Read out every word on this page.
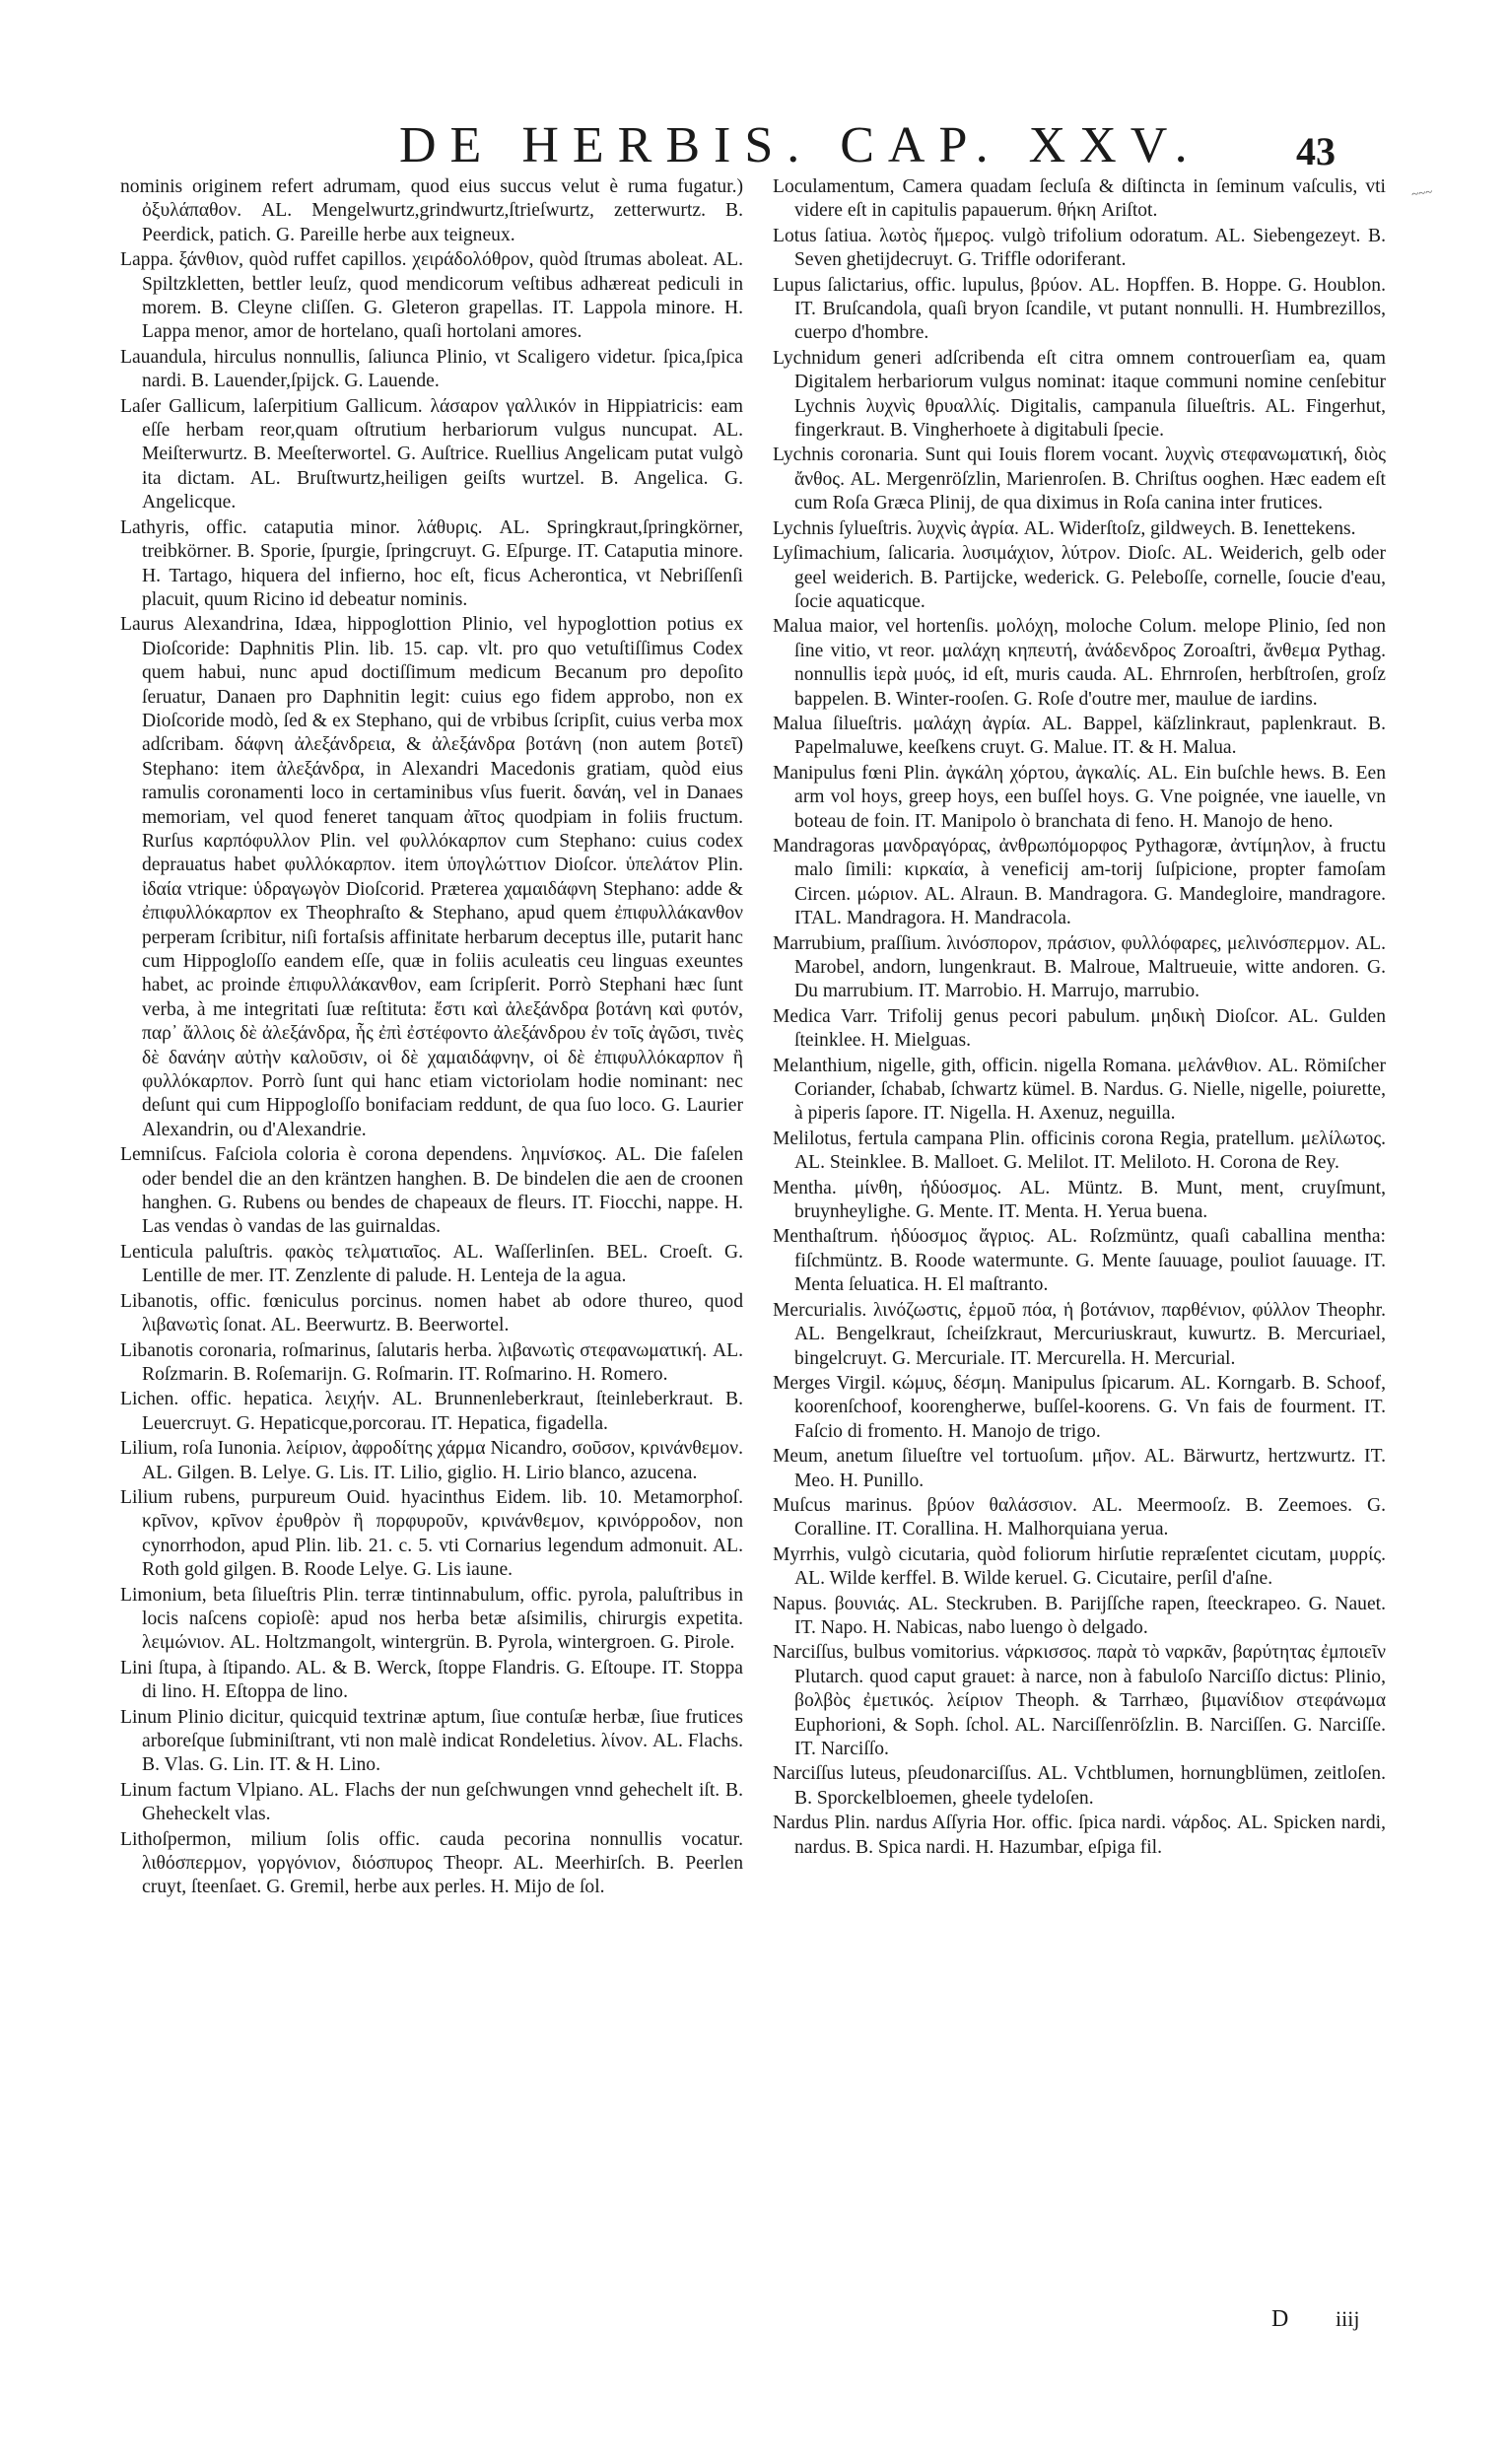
DE HERBIS. CAP. XXV.	43
~~~

nominis originem refert adrumam, quod eius succus velut è ruma fugatur.) ὀξυλάπαθον. AL. Mengelwurtz,grindwurtz,ſtrieſwurtz, zetterwurtz. B. Peerdick, patich. G. Pareille herbe aux teigneux.

Lappa. ξάνθιον, quòd ruffet capillos. χειράδολόθρον, quòd ſtrumas aboleat. AL. Spiltzkletten, bettler leuſz, quod mendicorum veſtibus adhæreat pediculi in morem. B. Cleyne cliſſen. G. Gleteron grapellas. IT. Lappola minore. H. Lappa menor, amor de hortelano, quaſi hortolani amores.

Lauandula, hirculus nonnullis, ſaliunca Plinio, vt Scaligero videtur. ſpica,ſpica nardi. B. Lauender,ſpijck. G. Lauende.

Laſer Gallicum, laſerpitium Gallicum. λάσαρον γαλλικόν in Hippiatricis: eam eſſe herbam reor,quam oſtrutium herbariorum vulgus nuncupat. AL. Meiſterwurtz. B. Meeſterwortel. G. Auſtrice. Ruellius Angelicam putat vulgò ita dictam. AL. Bruſtwurtz,heiligen geiſts wurtzel. B. Angelica. G. Angelicque.

Lathyris, offic. cataputia minor. λάθυρις. AL. Springkraut,ſpringkörner, treibkörner. B. Sporie, ſpurgie, ſpringcruyt. G. Eſpurge. IT. Cataputia minore. H. Tartago, hiquera del infierno, hoc eſt, ficus Acherontica, vt Nebriſſenſi placuit, quum Ricino id debeatur nominis.

Laurus Alexandrina, Idæa, hippoglottion Plinio, vel hypoglottion potius ex Dioſcoride: Daphnitis Plin. lib. 15. cap. vlt. pro quo vetuſtiſſimus Codex quem habui, nunc apud doctiſſimum medicum Becanum pro depoſito ſeruatur, Danaen pro Daphnitin legit: cuius ego fidem approbo, non ex Dioſcoride modò, ſed & ex Stephano, qui de vrbibus ſcripſit, cuius verba mox adſcribam. δάφνη ἀλεξάνδρεια, & ἀλεξάνδρα βοτάνη (non autem βοτεῖ) Stephano: item ἀλεξάνδρα, in Alexandri Macedonis gratiam, quòd eius ramulis coronamenti loco in certaminibus vſus fuerit. δανάη, vel in Danaes memoriam, vel quod feneret tanquam ἀῖτος quodpiam in foliis fructum. Rurſus καρπόφυλλον Plin. vel φυλλόκαρπον cum Stephano: cuius codex deprauatus habet φυλλόκαρπον. item ὑπογλώττιον Dioſcor. ὑπελάτον Plin. ἰδαία vtrique: ὑδραγωγὸν Dioſcorid. Præterea χαμαιδάφνη Stephano: adde & ἐπιφυλλόκαρπον ex Theophraſto & Stephano, apud quem ἐπιφυλλάκανθον perperam ſcribitur, niſi fortaſsis affinitate herbarum deceptus ille, putarit hanc cum Hippogloſſo eandem eſſe, quæ in foliis aculeatis ceu linguas exeuntes habet, ac proinde ἐπιφυλλάκανθον, eam ſcripſerit. Porrò Stephani hæc ſunt verba, à me integritati ſuæ reſtituta: ἔστι καὶ ἀλεξάνδρα βοτάνη καὶ φυτόν, παρ᾿ ἄλλοις δὲ ἀλεξάνδρα, ἧς ἐπὶ ἐστέφοντο ἀλεξάνδρου ἐν τοῖς ἀγῶσι, τινὲς δὲ δανάην αὐτὴν καλοῦσιν, οἱ δὲ χαμαιδάφνην, οἱ δὲ ἐπιφυλλόκαρπον ἢ φυλλόκαρπον. Porrò ſunt qui hanc etiam victoriolam hodie nominant: nec deſunt qui cum Hippogloſſo bonifaciam reddunt, de qua ſuo loco. G. Laurier Alexandrin, ou d'Alexandrie.

Lemniſcus. Faſciola coloria è corona dependens. λημνίσκος. AL. Die faſelen oder bendel die an den kräntzen hanghen. B. De bindelen die aen de croonen hanghen. G. Rubens ou bendes de chapeaux de fleurs. IT. Fiocchi, nappe. H. Las vendas ò vandas de las guirnaldas.

Lenticula paluſtris. φακὸς τελματιαῖος. AL. Waſſerlinſen. BEL. Croeſt. G. Lentille de mer. IT. Zenzlente di palude. H. Lenteja de la agua.

Libanotis, offic. fœniculus porcinus. nomen habet ab odore thureo, quod λιβανωτὶς ſonat. AL. Beerwurtz. B. Beerwortel.

Libanotis coronaria, roſmarinus, ſalutaris herba. λιβανωτὶς στεφανωματική. AL. Roſzmarin. B. Roſemarijn. G. Roſmarin. IT. Roſmarino. H. Romero.

Lichen. offic. hepatica. λειχήν. AL. Brunnenleberkraut, ſteinleberkraut. B. Leuercruyt. G. Hepaticque,porcorau. IT. Hepatica, figadella.

Lilium, roſa Iunonia. λείριον, ἀφροδίτης χάρμα Nicandro, σοῦσον, κρινάνθεμον. AL. Gilgen. B. Lelye. G. Lis. IT. Lilio, giglio. H. Lirio blanco, azucena.

Lilium rubens, purpureum Ouid. hyacinthus Eidem. lib. 10. Metamorphoſ. κρῖνον, κρῖνον ἐρυθρὸν ἢ πορφυροῦν, κρινάνθεμον, κρινόρροδον, non cynorrhodon, apud Plin. lib. 21. c. 5. vti Cornarius legendum admonuit. AL. Roth gold gilgen. B. Roode Lelye. G. Lis iaune.

Limonium, beta ſilueſtris Plin. terræ tintinnabulum, offic. pyrola, paluſtribus in locis naſcens copioſè: apud nos herba betæ aſsimilis, chirurgis expetita. λειμώνιον. AL. Holtzmangolt, wintergrün. B. Pyrola, wintergroen. G. Pirole.

Lini ſtupa, à ſtipando. AL. & B. Werck, ſtoppe Flandris. G. Eſtoupe. IT. Stoppa di lino. H. Eſtoppa de lino.

Linum Plinio dicitur, quicquid textrinæ aptum, ſiue contuſæ herbæ, ſiue frutices arboreſque ſubminiſtrant, vti non malè indicat Rondeletius. λίνον. AL. Flachs. B. Vlas. G. Lin. IT. & H. Lino.

Linum factum Vlpiano. AL. Flachs der nun geſchwungen vnnd gehechelt iſt. B. Gheheckelt vlas.

Lithoſpermon, milium ſolis offic. cauda pecorina nonnullis vocatur. λιθόσπερμον, γοργόνιον, διόσπυρος Theopr. AL. Meerhirſch. B. Peerlen cruyt, ſteenſaet. G. Gremil, herbe aux perles. H. Mijo de ſol.

Loculamentum, Camera quadam ſecluſa & diſtincta in ſeminum vaſculis, vti videre eſt in capitulis papauerum. θήκη Ariſtot.

Lotus ſatiua. λωτὸς ἥμερος. vulgò trifolium odoratum. AL. Siebengezeyt. B. Seven ghetijdecruyt. G. Triffle odoriferant.

Lupus ſalictarius, offic. lupulus, βρύον. AL. Hopffen. B. Hoppe. G. Houblon. IT. Bruſcandola, quaſi bryon ſcandile, vt putant nonnulli. H. Humbrezillos, cuerpo d'hombre.

Lychnidum generi adſcribenda eſt citra omnem controuerſiam ea, quam Digitalem herbariorum vulgus nominat: itaque communi nomine cenſebitur Lychnis λυχνὶς θρυαλλίς. Digitalis, campanula ſilueſtris. AL. Fingerhut, fingerkraut. B. Vingherhoete à digitabuli ſpecie.

Lychnis coronaria. Sunt qui Iouis florem vocant. λυχνὶς στεφανωματική, διὸς ἄνθος. AL. Mergenröſzlin, Marienroſen. B. Chriſtus ooghen. Hæc eadem eſt cum Roſa Græca Plinij, de qua diximus in Roſa canina inter frutices.

Lychnis ſylueſtris. λυχνὶς ἀγρία. AL. Widerſtoſz, gildweych. B. Ienettekens.

Lyſimachium, ſalicaria. λυσιμάχιον, λύτρον. Dioſc. AL. Weiderich, gelb oder geel weiderich. B. Partijcke, wederick. G. Peleboſſe, cornelle, ſoucie d'eau, ſocie aquaticque.

Malua maior, vel hortenſis. μολόχη, moloche Colum. melope Plinio, ſed non ſine vitio, vt reor. μαλάχη κηπευτή, ἀνάδενδρος Zoroaſtri, ἄνθεμα Pythag. nonnullis ἱερὰ μυός, id eſt, muris cauda. AL. Ehrnroſen, herbſtroſen, groſz bappelen. B. Winter-rooſen. G. Roſe d'outre mer, maulue de iardins.

Malua ſilueſtris. μαλάχη ἀγρία. AL. Bappel, käſzlinkraut, paplenkraut. B. Papelmaluwe, keeſkens cruyt. G. Malue. IT. & H. Malua.

Manipulus fœni Plin. ἀγκάλη χόρτου, ἀγκαλίς. AL. Ein buſchle hews. B. Een arm vol hoys, greep hoys, een buſſel hoys. G. Vne poignée, vne iauelle, vn boteau de foin. IT. Manipolo ò branchata di feno. H. Manojo de heno.

Mandragoras μανδραγόρας, ἀνθρωπόμορφος Pythagoræ, ἀντίμηλον, à fructu malo ſimili: κιρκαία, à veneficij am-torij ſuſpicione, propter famoſam Circen. μώριον. AL. Alraun. B. Mandragora. G. Mandegloire, mandragore. ITAL. Mandragora. H. Mandracola.

Marrubium, praſſium. λινόσπορον, πράσιον, φυλλόφαρες, μελινόσπερμον. AL. Marobel, andorn, lungenkraut. B. Malroue, Maltrueuie, witte andoren. G. Du marrubium. IT. Marrobio. H. Marrujo, marrubio.

Medica Varr. Trifolij genus pecori pabulum. μηδικὴ Dioſcor. AL. Gulden ſteinklee. H. Mielguas.

Melanthium, nigelle, gith, officin. nigella Romana. μελάνθιον. AL. Römiſcher Coriander, ſchabab, ſchwartz kümel. B. Nardus. G. Nielle, nigelle, poiurette, à piperis ſapore. IT. Nigella. H. Axenuz, neguilla.

Melilotus, fertula campana Plin. officinis corona Regia, pratellum. μελίλωτος. AL. Steinklee. B. Malloet. G. Melilot. IT. Meliloto. H. Corona de Rey.

Mentha. μίνθη, ἡδύοσμος. AL. Müntz. B. Munt, ment, cruyſmunt, bruynheylighe. G. Mente. IT. Menta. H. Yerua buena.

Menthaſtrum. ἡδύοσμος ἄγριος. AL. Roſzmüntz, quaſi caballina mentha: fiſchmüntz. B. Roode watermunte. G. Mente ſauuage, pouliot ſauuage. IT. Menta ſeluatica. H. El maſtranto.

Mercurialis. λινόζωστις, ἑρμοῦ πόα, ἡ βοτάνιον, παρθένιον, φύλλον Theophr. AL. Bengelkraut, ſcheiſzkraut, Mercuriuskraut, kuwurtz. B. Mercuriael, bingelcruyt. G. Mercuriale. IT. Mercurella. H. Mercurial.

Merges Virgil. κώμυς, δέσμη. Manipulus ſpicarum. AL. Korngarb. B. Schoof, koorenſchoof, koorengherwe, buſſel-koorens. G. Vn fais de fourment. IT. Faſcio di fromento. H. Manojo de trigo.

Meum, anetum ſilueſtre vel tortuoſum. μῆον. AL. Bärwurtz, hertzwurtz. IT. Meo. H. Punillo.

Muſcus marinus. βρύον θαλάσσιον. AL. Meermooſz. B. Zeemoes. G. Coralline. IT. Corallina. H. Malhorquiana yerua.

Myrrhis, vulgò cicutaria, quòd foliorum hirſutie repræſentet cicutam, μυρρίς. AL. Wilde kerffel. B. Wilde keruel. G. Cicutaire, perſil d'aſne.

Napus. βουνιάς. AL. Steckruben. B. Parijſſche rapen, ſteeckrapeo. G. Nauet. IT. Napo. H. Nabicas, nabo luengo ò delgado.

Narciſſus, bulbus vomitorius. νάρκισσος. παρὰ τὸ ναρκᾶν, βαρύτητας ἐμποιεῖν Plutarch. quod caput grauet: à narce, non à fabuloſo Narciſſo dictus: Plinio, βολβὸς ἐμετικός. λείριον Theoph. & Tarrhæo, βιμανίδιον στεφάνωμα Euphorioni, & Soph. ſchol. AL. Narciſſenröſzlin. B. Narciſſen. G. Narciſſe. IT. Narciſſo.

Narciſſus luteus, pſeudonarciſſus. AL. Vchtblumen, hornungblümen, zeitloſen. B. Sporckelbloemen, gheele tydeloſen.

Nardus Plin. nardus Aſſyria Hor. offic. ſpica nardi. νάρδος. AL. Spicken nardi, nardus. B. Spica nardi. H. Hazumbar, eſpiga fil.

D iiij
